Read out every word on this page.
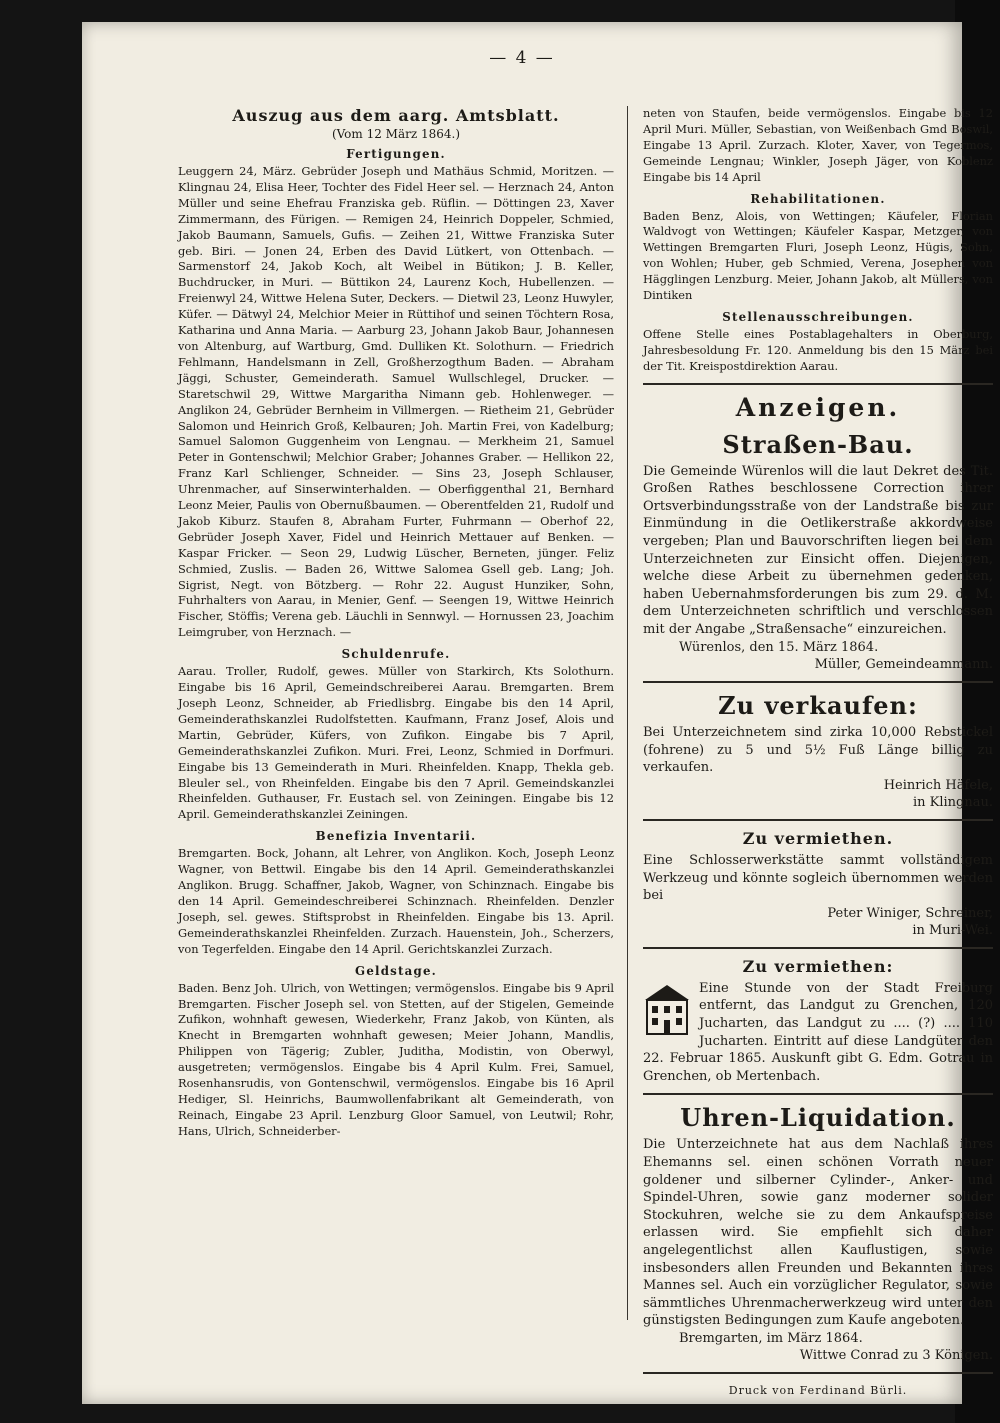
— 4 —
Auszug aus dem aarg. Amtsblatt.
(Vom 12 März 1864.)
Fertigungen.

Leuggern 24, März. Gebrüder Joseph und Mathäus Schmid, Moritzen. — Klingnau 24, Elisa Heer, Tochter des Fidel Heer sel. — Herznach 24, Anton Müller und seine Ehefrau Franziska geb. Rüflin. — Döttingen 23, Xaver Zimmermann, des Fürigen. — Remigen 24, Heinrich Doppeler, Schmied, Jakob Baumann, Samuels, Gufis. — Zeihen 21, Wittwe Franziska Suter geb. Biri. — Jonen 24, Erben des David Lütkert, von Ottenbach. — Sarmenstorf 24, Jakob Koch, alt Weibel in Bütikon; J. B. Keller, Buchdrucker, in Muri. — Büttikon 24, Laurenz Koch, Hubellenzen. — Freienwyl 24, Wittwe Helena Suter, Deckers. — Dietwil 23, Leonz Huwyler, Küfer. — Dätwyl 24, Melchior Meier in Rüttihof und seinen Töchtern Rosa, Katharina und Anna Maria. — Aarburg 23, Johann Jakob Baur, Johannesen von Altenburg, auf Wartburg, Gmd. Dulliken Kt. Solothurn. — Friedrich Fehlmann, Handelsmann in Zell, Großherzogthum Baden. — Abraham Jäggi, Schuster, Gemeinderath. Samuel Wullschlegel, Drucker. — Staretschwil 29, Wittwe Margaritha Nimann geb. Hohlenweger. — Anglikon 24, Gebrüder Bernheim in Villmergen. — Rietheim 21, Gebrüder Salomon und Heinrich Groß, Kelbauren; Joh. Martin Frei, von Kadelburg; Samuel Salomon Guggenheim von Lengnau. — Merkheim 21, Samuel Peter in Gontenschwil; Melchior Graber; Johannes Graber. — Hellikon 22, Franz Karl Schlienger, Schneider. — Sins 23, Joseph Schlauser, Uhrenmacher, auf Sinserwinterhalden. — Oberfiggenthal 21, Bernhard Leonz Meier, Paulis von Obernußbaumen. — Oberentfelden 21, Rudolf und Jakob Kiburz. Staufen 8, Abraham Furter, Fuhrmann — Oberhof 22, Gebrüder Joseph Xaver, Fidel und Heinrich Mettauer auf Benken. — Kaspar Fricker. — Seon 29, Ludwig Lüscher, Berneten, jünger. Feliz Schmied, Zuslis. — Baden 26, Wittwe Salomea Gsell geb. Lang; Joh. Sigrist, Negt. von Bötzberg. — Rohr 22. August Hunziker, Sohn, Fuhrhalters von Aarau, in Menier, Genf. — Seengen 19, Wittwe Heinrich Fischer, Stöffis; Verena geb. Läuchli in Sennwyl. — Hornussen 23, Joachim Leimgruber, von Herznach. —

Schuldenrufe.

Aarau. Troller, Rudolf, gewes. Müller von Starkirch, Kts Solothurn. Eingabe bis 16 April, Gemeindschreiberei Aarau. Bremgarten. Brem Joseph Leonz, Schneider, ab Friedlisbrg. Eingabe bis den 14 April, Gemeinderathskanzlei Rudolfstetten. Kaufmann, Franz Josef, Alois und Martin, Gebrüder, Küfers, von Zufikon. Eingabe bis 7 April, Gemeinderathskanzlei Zufikon. Muri. Frei, Leonz, Schmied in Dorfmuri. Eingabe bis 13 Gemeinderath in Muri. Rheinfelden. Knapp, Thekla geb. Bleuler sel., von Rheinfelden. Eingabe bis den 7 April. Gemeindskanzlei Rheinfelden. Guthauser, Fr. Eustach sel. von Zeiningen. Eingabe bis 12 April. Gemeinderathskanzlei Zeiningen.

Benefizia Inventarii.

Bremgarten. Bock, Johann, alt Lehrer, von Anglikon. Koch, Joseph Leonz Wagner, von Bettwil. Eingabe bis den 14 April. Gemeinderathskanzlei Anglikon. Brugg. Schaffner, Jakob, Wagner, von Schinznach. Eingabe bis den 14 April. Gemeindeschreiberei Schinznach. Rheinfelden. Denzler Joseph, sel. gewes. Stiftsprobst in Rheinfelden. Eingabe bis 13. April. Gemeinderathskanzlei Rheinfelden. Zurzach. Hauenstein, Joh., Scherzers, von Tegerfelden. Eingabe den 14 April. Gerichtskanzlei Zurzach.

Geldstage.

Baden. Benz Joh. Ulrich, von Wettingen; vermögenslos. Eingabe bis 9 April Bremgarten. Fischer Joseph sel. von Stetten, auf der Stigelen, Gemeinde Zufikon, wohnhaft gewesen, Wiederkehr, Franz Jakob, von Künten, als Knecht in Bremgarten wohnhaft gewesen; Meier Johann, Mandlis, Philippen von Tägerig; Zubler, Juditha, Modistin, von Oberwyl, ausgetreten; vermögenslos. Eingabe bis 4 April Kulm. Frei, Samuel, Rosenhansrudis, von Gontenschwil, vermögenslos. Eingabe bis 16 April Hediger, Sl. Heinrichs, Baumwollenfabrikant alt Gemeinderath, von Reinach, Eingabe 23 April. Lenzburg Gloor Samuel, von Leutwil; Rohr, Hans, Ulrich, Schneiderber-

neten von Staufen, beide vermögenslos. Eingabe bis 12 April Muri. Müller, Sebastian, von Weißenbach Gmd Boswil, Eingabe 13 April. Zurzach. Kloter, Xaver, von Tegermos, Gemeinde Lengnau; Winkler, Joseph Jäger, von Koblenz Eingabe bis 14 April

Rehabilitationen.

Baden Benz, Alois, von Wettingen; Käufeler, Florian Waldvogt von Wettingen; Käufeler Kaspar, Metzger, von Wettingen Bremgarten Fluri, Joseph Leonz, Hügis, Sohn, von Wohlen; Huber, geb Schmied, Verena, Josephen von Hägglingen Lenzburg. Meier, Johann Jakob, alt Müllers, von Dintiken

Stellenausschreibungen.

Offene Stelle eines Postablagehalters in Oberburg, Jahresbesoldung Fr. 120. Anmeldung bis den 15 März bei der Tit. Kreispostdirektion Aarau.

Anzeigen.
Straßen-Bau.

Die Gemeinde Würenlos will die laut Dekret des Tit. Großen Rathes beschlossene Correction ihrer Ortsverbindungsstraße von der Landstraße bis zur Einmündung in die Oetlikerstraße akkordweise vergeben; Plan und Bauvorschriften liegen bei dem Unterzeichneten zur Einsicht offen. Diejenigen, welche diese Arbeit zu übernehmen gedenken, haben Uebernahmsforderungen bis zum 29. d. M. dem Unterzeichneten schriftlich und verschlossen mit der Angabe „Straßensache“ einzureichen.

Würenlos, den 15. März 1864.

Müller, Gemeindeammann.
Zu verkaufen:

Bei Unterzeichnetem sind zirka 10,000 Rebstickel (fohrene) zu 5 und 5½ Fuß Länge billig zu verkaufen.

Heinrich Häfele,
in Klingnau.
Zu vermiethen.

Eine Schlosserwerkstätte sammt vollständigem Werkzeug und könnte sogleich übernommen werden bei

Peter Winiger, Schreiner,
in Muri-Wei.
Zu vermiethen:

Eine Stunde von der Stadt Freiburg entfernt, das Landgut zu Grenchen, 120 Jucharten, das Landgut zu .... (?) .... 110 Jucharten. Eintritt auf diese Landgüter den 22. Februar 1865. Auskunft gibt G. Edm. Gotrau in Grenchen, ob Mertenbach.

Uhren-Liquidation.

Die Unterzeichnete hat aus dem Nachlaß ihres Ehemanns sel. einen schönen Vorrath neuer goldener und silberner Cylinder-, Anker- und Spindel-Uhren, sowie ganz moderner solider Stockuhren, welche sie zu dem Ankaufspreise erlassen wird. Sie empfiehlt sich daher angelegentlichst allen Kauflustigen, sowie insbesonders allen Freunden und Bekannten ihres Mannes sel. Auch ein vorzüglicher Regulator, sowie sämmtliches Uhrenmacherwerkzeug wird unter den günstigsten Bedingungen zum Kaufe angeboten.

Bremgarten, im März 1864.

Wittwe Conrad zu 3 Königen.
Druck von Ferdinand Bürli.
